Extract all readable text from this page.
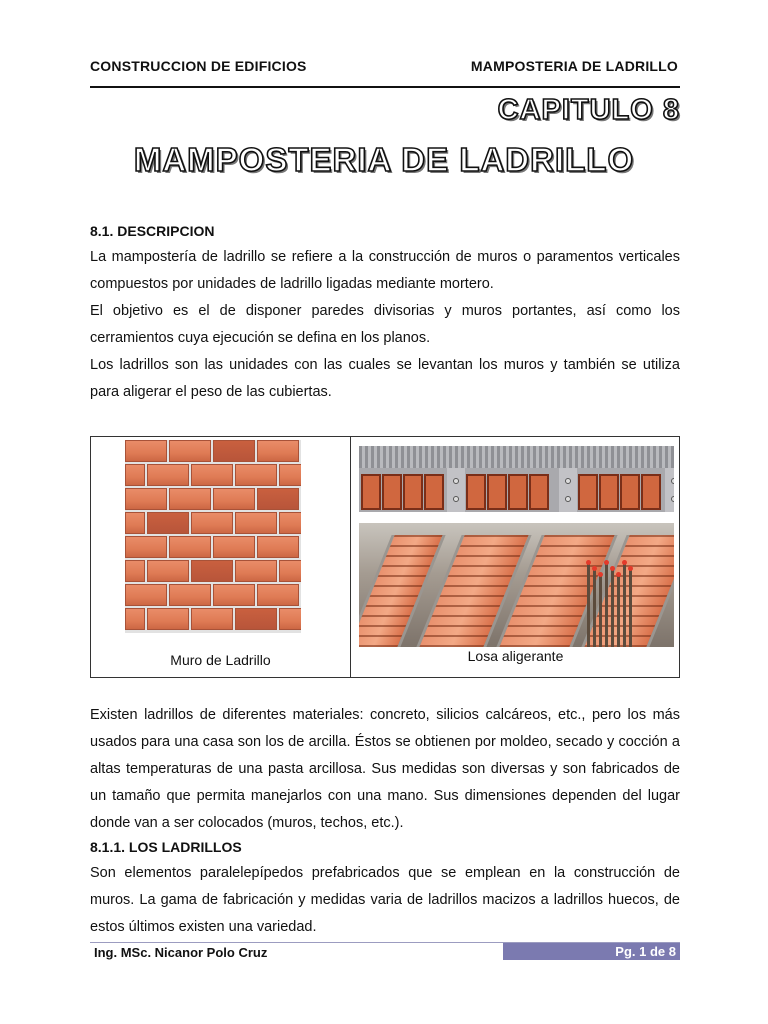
CONSTRUCCION DE EDIFICIOS	MAMPOSTERIA DE LADRILLO
CAPITULO 8
MAMPOSTERIA DE LADRILLO
8.1. DESCRIPCION

La mampostería de ladrillo se refiere a la construcción de muros o paramentos verticales compuestos por unidades de ladrillo ligadas mediante mortero.

El objetivo es el de disponer paredes divisorias y muros portantes, así como los cerramientos cuya ejecución se defina en los planos.

Los ladrillos son las unidades con las cuales se levantan los muros y también se utiliza para aligerar el peso de las cubiertas.

Muro de Ladrillo	Losa aligerante

Existen ladrillos de diferentes materiales: concreto, silicios calcáreos, etc., pero los más usados para una casa son los de arcilla. Éstos se obtienen por moldeo, secado y cocción a altas temperaturas de una pasta arcillosa. Sus medidas son diversas y son fabricados de un tamaño que permita manejarlos con una mano. Sus dimensiones dependen del lugar donde van a ser colocados (muros, techos, etc.).

8.1.1. LOS LADRILLOS

Son elementos paralelepípedos prefabricados que se emplean en la construcción de muros. La gama de fabricación y medidas varia de ladrillos macizos a ladrillos huecos, de estos últimos existen una variedad.

Ing. MSc. Nicanor Polo Cruz	Pg. 1 de 8
